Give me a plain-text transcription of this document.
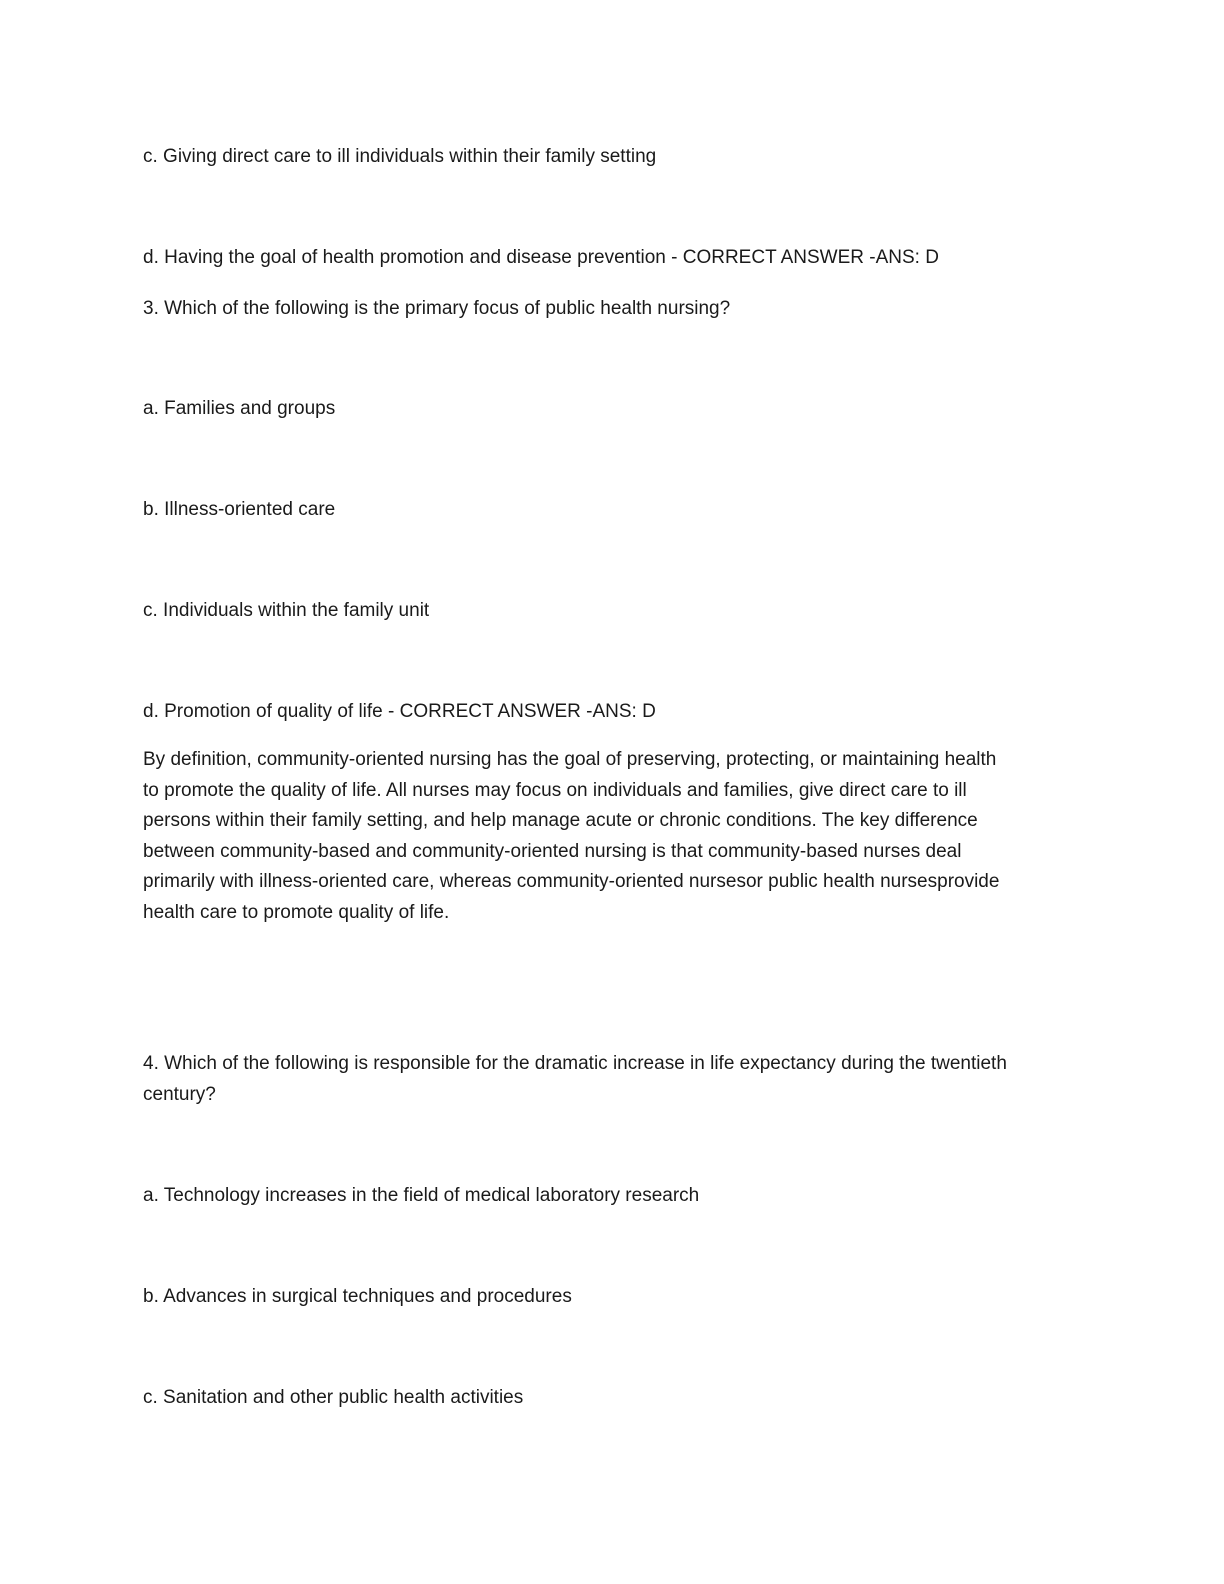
c. Giving direct care to ill individuals within their family setting

d. Having the goal of health promotion and disease prevention - CORRECT ANSWER -ANS: D

3. Which of the following is the primary focus of public health nursing?

a. Families and groups

b. Illness-oriented care

c. Individuals within the family unit

d. Promotion of quality of life - CORRECT ANSWER -ANS: D

By definition, community-oriented nursing has the goal of preserving, protecting, or maintaining health
to promote the quality of life. All nurses may focus on individuals and families, give direct care to ill
persons within their family setting, and help manage acute or chronic conditions. The key difference
between community-based and community-oriented nursing is that community-based nurses deal
primarily with illness-oriented care, whereas community-oriented nursesor public health nursesprovide
health care to promote quality of life.
4. Which of the following is responsible for the dramatic increase in life expectancy during the twentieth
century?

a. Technology increases in the field of medical laboratory research

b. Advances in surgical techniques and procedures

c. Sanitation and other public health activities
